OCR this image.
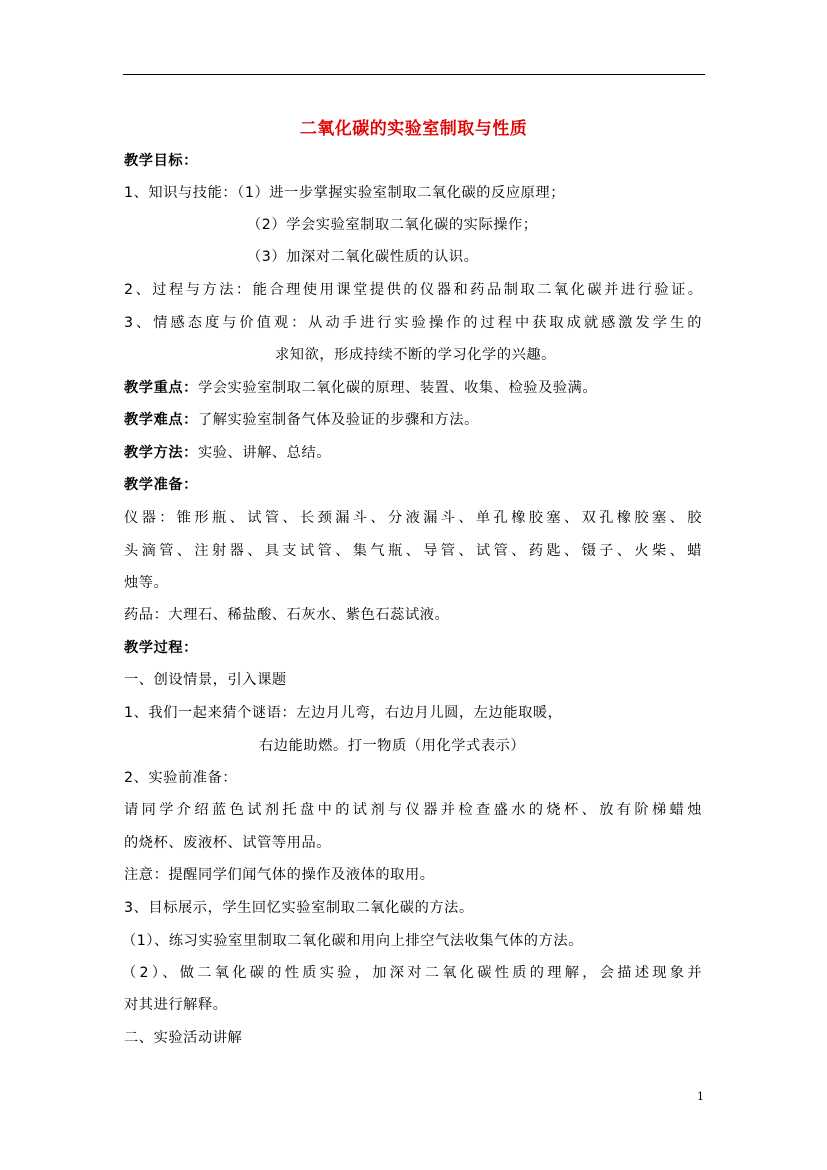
二氧化碳的实验室制取与性质
教学目标：
1、知识与技能：（1）进一步掌握实验室制取二氧化碳的反应原理；
（2）学会实验室制取二氧化碳的实际操作；
（3）加深对二氧化碳性质的认识。
2、过程与方法：能合理使用课堂提供的仪器和药品制取二氧化碳并进行验证。
3、情感态度与价值观：从动手进行实验操作的过程中获取成就感激发学生的
求知欲，形成持续不断的学习化学的兴趣。
教学重点：学会实验室制取二氧化碳的原理、装置、收集、检验及验满。
教学难点：了解实验室制备气体及验证的步骤和方法。
教学方法：实验、讲解、总结。
教学准备：
仪器：锥形瓶、试管、长颈漏斗、分液漏斗、单孔橡胶塞、双孔橡胶塞、胶
头滴管、注射器、具支试管、集气瓶、导管、试管、药匙、镊子、火柴、蜡
烛等。
药品：大理石、稀盐酸、石灰水、紫色石蕊试液。
教学过程：
一、创设情景，引入课题
1、我们一起来猜个谜语：左边月儿弯，右边月儿圆，左边能取暖，
右边能助燃。打一物质（用化学式表示）
2、实验前准备：
请同学介绍蓝色试剂托盘中的试剂与仪器并检查盛水的烧杯、放有阶梯蜡烛
的烧杯、废液杯、试管等用品。
注意：提醒同学们闻气体的操作及液体的取用。
3、目标展示，学生回忆实验室制取二氧化碳的方法。
（1）、练习实验室里制取二氧化碳和用向上排空气法收集气体的方法。
（2）、做二氧化碳的性质实验，加深对二氧化碳性质的理解，会描述现象并
对其进行解释。
二、实验活动讲解
1
